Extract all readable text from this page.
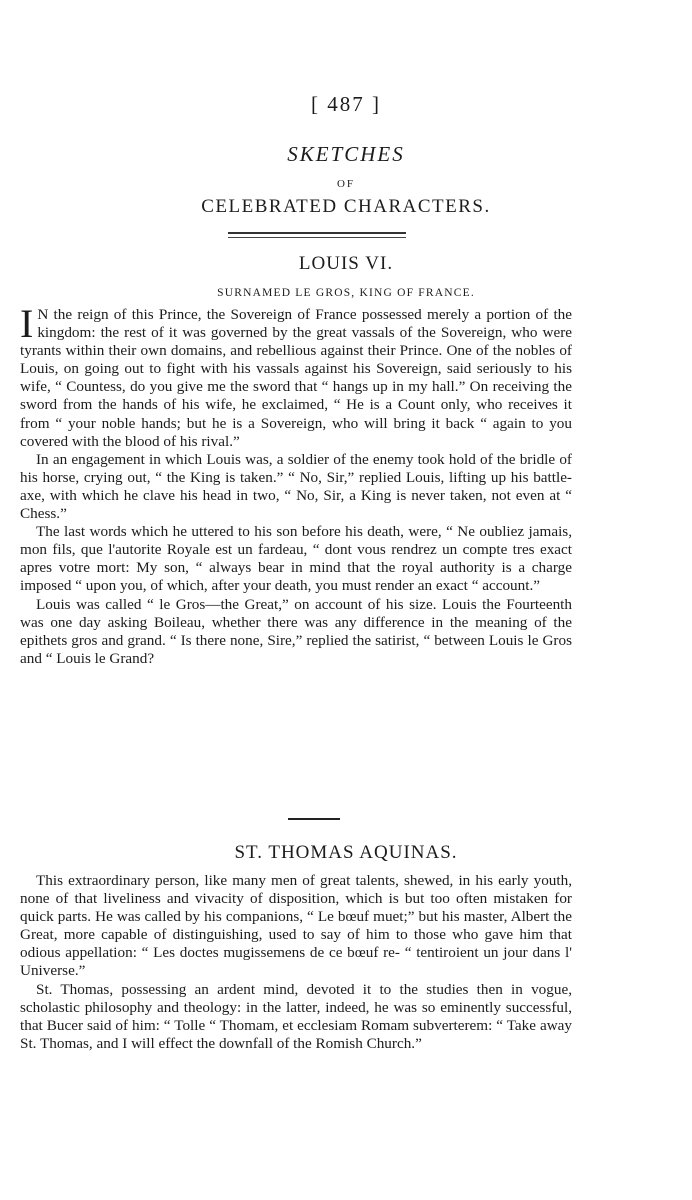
[ 487 ]
SKETCHES
OF
CELEBRATED CHARACTERS.
LOUIS VI.
SURNAMED LE GROS, KING OF FRANCE.

I N the reign of this Prince, the Sovereign of France possessed merely a portion of the kingdom: the rest of it was governed by the great vassals of the Sovereign, who were tyrants within their own domains, and rebellious against their Prince. One of the nobles of Louis, on going out to fight with his vassals against his Sovereign, said seriously to his wife, “ Countess, do you give me the sword that “ hangs up in my hall.” On receiving the sword from the hands of his wife, he exclaimed, “ He is a Count only, who receives it from “ your noble hands; but he is a Sovereign, who will bring it back “ again to you covered with the blood of his rival.”

In an engagement in which Louis was, a soldier of the enemy took hold of the bridle of his horse, crying out, “ the King is taken.” “ No, Sir,” replied Louis, lifting up his battle-axe, with which he clave his head in two, “ No, Sir, a King is never taken, not even at “ Chess.”

The last words which he uttered to his son before his death, were, “ Ne oubliez jamais, mon fils, que l'autorite Royale est un fardeau, “ dont vous rendrez un compte tres exact apres votre mort: My son, “ always bear in mind that the royal authority is a charge imposed “ upon you, of which, after your death, you must render an exact “ account.”

Louis was called “ le Gros—the Great,” on account of his size. Louis the Fourteenth was one day asking Boileau, whether there was any difference in the meaning of the epithets gros and grand. “ Is there none, Sire,” replied the satirist, “ between Louis le Gros and “ Louis le Grand?

ST. THOMAS AQUINAS.

This extraordinary person, like many men of great talents, shewed, in his early youth, none of that liveliness and vivacity of disposition, which is but too often mistaken for quick parts. He was called by his companions, “ Le bœuf muet;” but his master, Albert the Great, more capable of distinguishing, used to say of him to those who gave him that odious appellation: “ Les doctes mugissemens de ce bœuf re- “ tentiroient un jour dans l' Universe.”

St. Thomas, possessing an ardent mind, devoted it to the studies then in vogue, scholastic philosophy and theology: in the latter, indeed, he was so eminently successful, that Bucer said of him: “ Tolle “ Thomam, et ecclesiam Romam subverterem: “ Take away St. Thomas, and I will effect the downfall of the Romish Church.”
